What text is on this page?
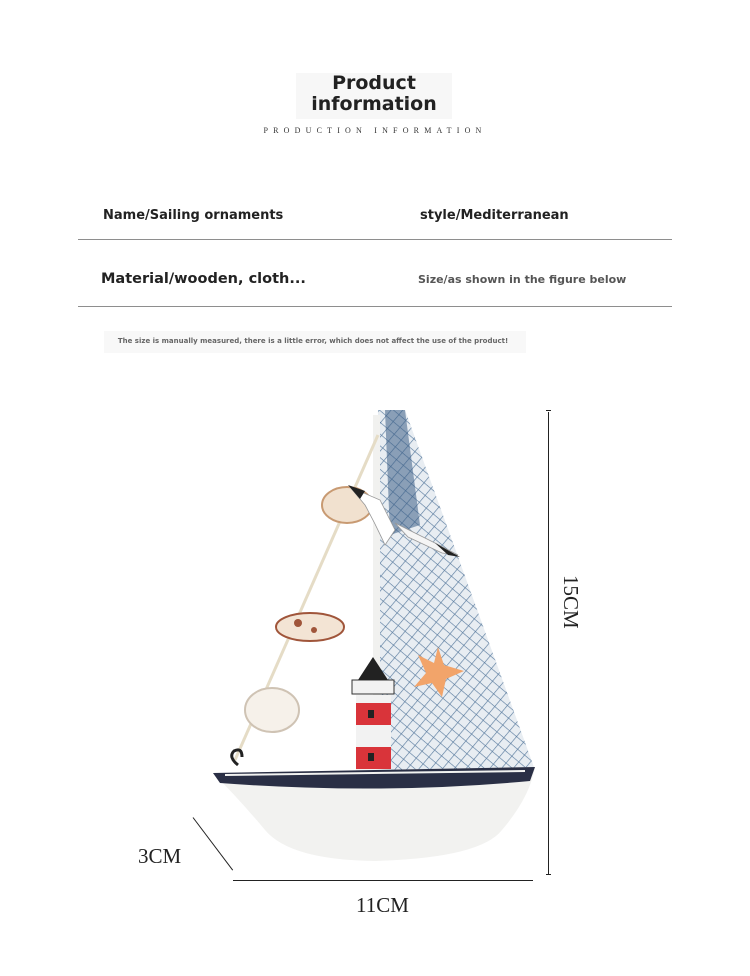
Product
information
PRODUCTION INFORMATION
Name/Sailing ornaments	style/Mediterranean
Material/wooden, cloth...	Size/as shown in the figure below
The size is manually measured, there is a little error, which does not affect the use of the product!
15CM
11CM
3CM
